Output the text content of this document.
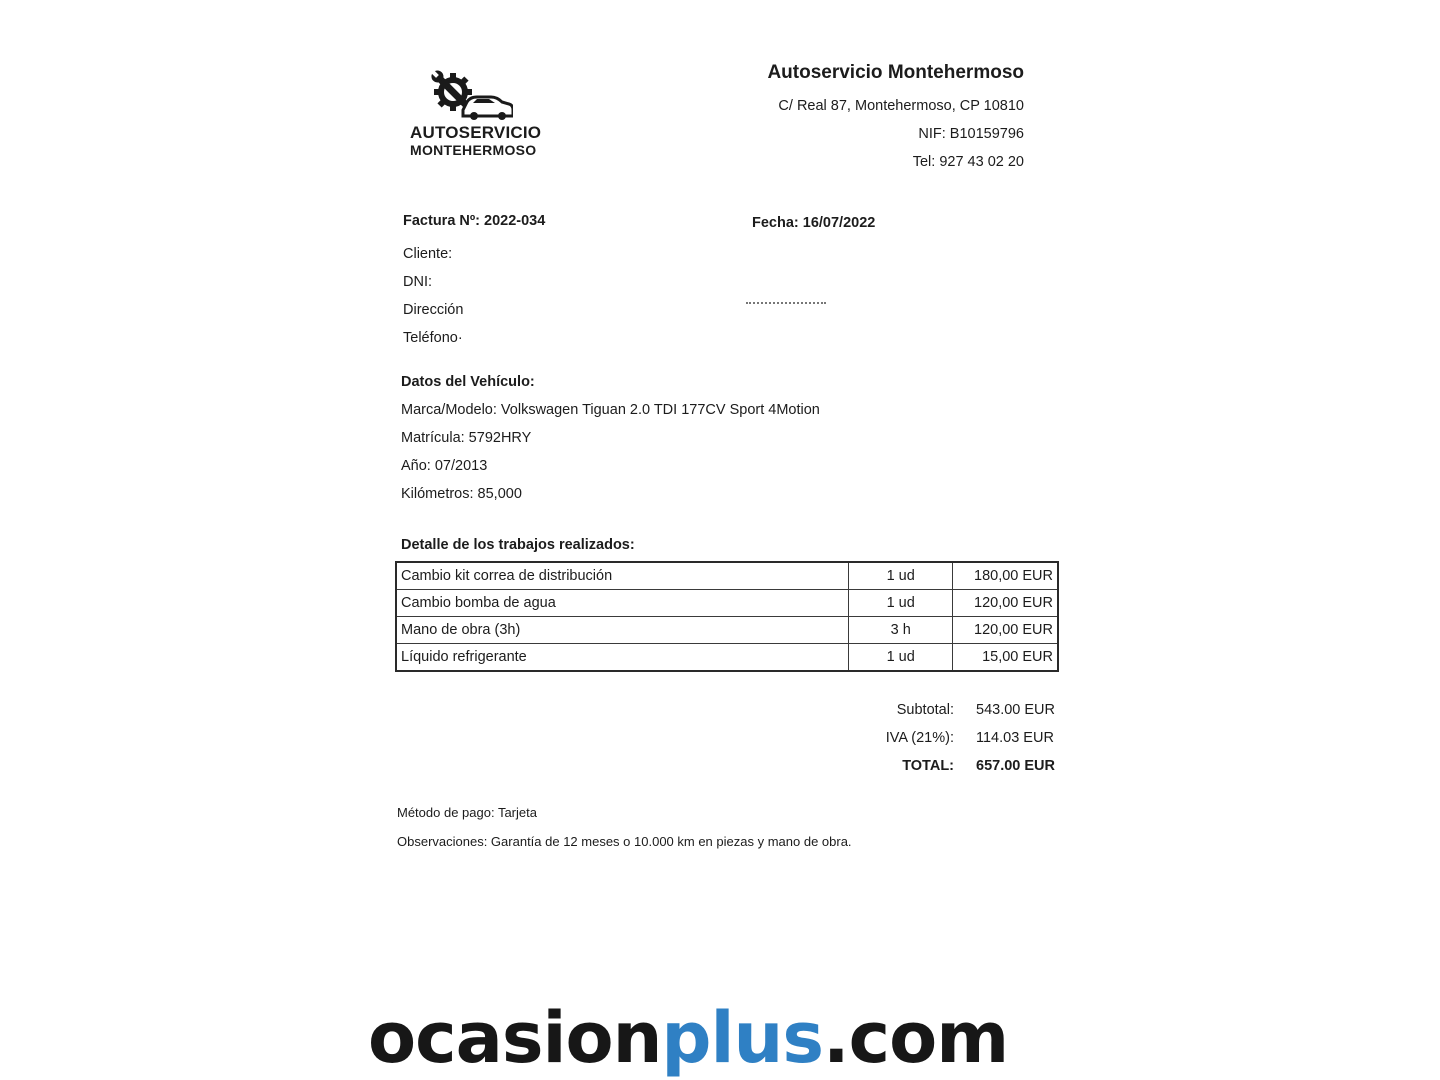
AUTOSERVICIO
MONTEHERMOSO
Autoservicio Montehermoso
C/ Real 87, Montehermoso, CP 10810
NIF: B10159796
Tel: 927 43 02 20
Factura Nº: 2022-034	Fecha: 16/07/2022
Cliente:
DNI:
Dirección
Teléfono·
Datos del Vehículo:
Marca/Modelo: Volkswagen Tiguan 2.0 TDI 177CV Sport 4Motion
Matrícula: 5792HRY
Año: 07/2013
Kilómetros: 85,000
Detalle de los trabajos realizados:
Cambio kit correa de distribución	1 ud	180,00 EUR
Cambio bomba de agua	1 ud	120,00 EUR
Mano de obra (3h)	3 h	120,00 EUR
Líquido refrigerante	1 ud	15,00 EUR
Subtotal:	543.00 EUR
IVA (21%):	114.03 EUR
TOTAL:	657.00 EUR
Método de pago: Tarjeta
Observaciones: Garantía de 12 meses o 10.000 km en piezas y mano de obra.
ocasionplus.com
